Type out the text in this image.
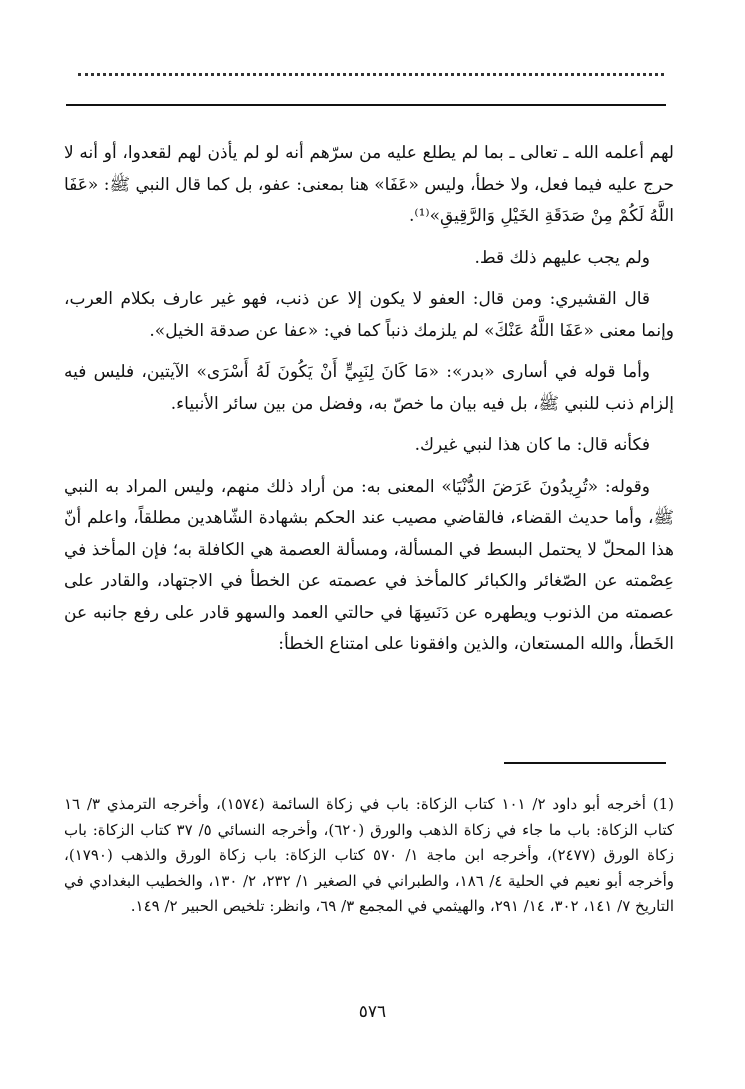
لهم أعلمه الله ـ تعالى ـ بما لم يطلع عليه من سرّهم أنه لو لم يأذن لهم لقعدوا، أو أنه لا حرج عليه فيما فعل، ولا خطأ، وليس «عَفَا» هنا بمعنى: عفو، بل كما قال النبي ﷺ: «عَفَا اللَّهُ لَكُمْ مِنْ صَدَقَةِ الخَيْلِ وَالرَّقِيقِ»⁽¹⁾.

ولم يجب عليهم ذلك قط.

قال القشيري: ومن قال: العفو لا يكون إلا عن ذنب، فهو غير عارف بكلام العرب، وإنما معنى «عَفَا اللَّهُ عَنْكَ» لم يلزمك ذنباً كما في: «عفا عن صدقة الخيل».

وأما قوله في أسارى «بدر»: «مَا كَانَ لِنَبِيٍّ أَنْ يَكُونَ لَهُ أَسْرَى» الآيتين، فليس فيه إلزام ذنب للنبي ﷺ، بل فيه بيان ما خصّ به، وفضل من بين سائر الأنبياء.

فكأنه قال: ما كان هذا لنبي غيرك.

وقوله: «تُرِيدُونَ عَرَضَ الدُّنْيَا» المعنى به: من أراد ذلك منهم، وليس المراد به النبي ﷺ، وأما حديث القضاء، فالقاضي مصيب عند الحكم بشهادة الشّاهدين مطلقاً، واعلم أنّ هذا المحلّ لا يحتمل البسط في المسألة، ومسألة العصمة هي الكافلة به؛ فإن المأخذ في عِصْمته عن الصّغائر والكبائر كالمأخذ في عصمته عن الخطأ في الاجتهاد، والقادر على عصمته من الذنوب ويطهره عن دَنَسِهَا في حالتي العمد والسهو قادر على رفع جانبه عن الخَطأ، والله المستعان، والذين وافقونا على امتناع الخطأ:

(1) أخرجه أبو داود ٢/ ١٠١ كتاب الزكاة: باب في زكاة السائمة (١٥٧٤)، وأخرجه الترمذي ٣/ ١٦ كتاب الزكاة: باب ما جاء في زكاة الذهب والورق (٦٢٠)، وأخرجه النسائي ٥/ ٣٧ كتاب الزكاة: باب زكاة الورق (٢٤٧٧)، وأخرجه ابن ماجة ١/ ٥٧٠ كتاب الزكاة: باب زكاة الورق والذهب (١٧٩٠)، وأخرجه أبو نعيم في الحلية ٤/ ١٨٦، والطبراني في الصغير ١/ ٢٣٢، ٢/ ١٣٠، والخطيب البغدادي في التاريخ ٧/ ١٤١، ٣٠٢، ١٤/ ٢٩١، والهيثمي في المجمع ٣/ ٦٩، وانظر: تلخيص الحبير ٢/ ١٤٩.

٥٧٦
